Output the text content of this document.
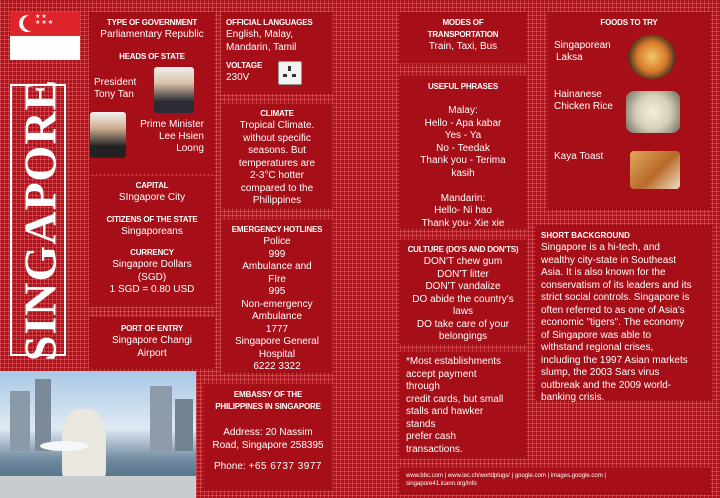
★★
★★★
SINGAPORE
TYPE OF GOVERNMENT
Parliamentary Republic
HEADS OF STATE
President
Tony Tan
Prime Minister
Lee Hsien
Loong
CAPITAL
SIngapore City
CITIZENS OF THE STATE
Singaporeans
CURRENCY
Singapore Dollars
(SGD)
1 SGD = 0.80 USD
PORT OF ENTRY
Singapore Changi
Airport
OFFICIAL LANGUAGES
English, Malay,
Mandarin, Tamil
VOLTAGE
230V
CLIMATE
Tropical Climate.
without specific
seasons. But
temperatures are
2-3°C hotter
compared to the
Philippines
EMERGENCY HOTLINES
Police
999
Ambulance and
FIre
995
Non-emergency
Ambulance
1777
Singapore General
Hospital
6222 3322
EMBASSY OF THE
PHILIPPINES IN SINGAPORE
Address: 20 Nassim
Road, Singapore 258395
Phone: +65 6737 3977
MODES OF
TRANSPORTATION
Train, Taxi, Bus
USEFUL PHRASES
Malay:
Hello - Apa kabar
Yes - Ya
No - Teedak
Thank you - Terima
kasih
Mandarin:
Hello- Ni hao
Thank you- Xie xie
CULTURE (DO'S AND DON'TS)
DON'T chew gum
DON'T litter
DON'T vandalize
DO abide the country's
laws
DO take care of your
belongings
*Most establishments
accept payment
through
credit cards, but small
stalls and hawker
stands
prefer cash
transactions.
www.bbc.com | www.iec.ch/worldplugs/ | google.com | images.google.com |
singapore41.icann.org/info
FOODS TO TRY
Singaporean
Laksa
Hainanese
Chicken Rice
Kaya Toast
SHORT BACKGROUND
Singapore is a hi-tech, and
wealthy city-state in Southeast
Asia. It is also known for the
conservatism of its leaders and its
strict social controls. Singapore is
often referred to as one of Asia's
economic "tigers". The economy
of Singapore was able to
withstand regional crises,
including the 1997 Asian markets
slump, the 2003 Sars virus
outbreak and the 2009 world-
banking crisis.
